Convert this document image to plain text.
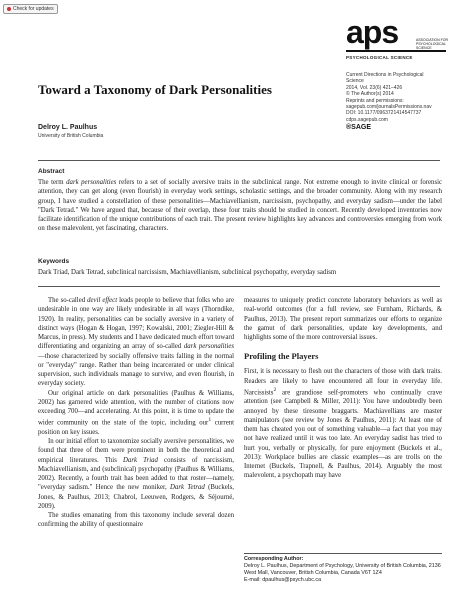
Check for updates
aps	ASSOCIATION FOR
PSYCHOLOGICAL SCIENCE
PSYCHOLOGICAL SCIENCE
Current Directions in Psychological
Science
2014, Vol. 23(6) 421–426
© The Author(s) 2014
Reprints and permissions:
sagepub.com/journalsPermissions.nav
DOI: 10.1177/0963721414547737
cdps.sagepub.com
®SAGE
Toward a Taxonomy of Dark Personalities
Delroy L. Paulhus
University of British Columbia
Abstract

The term dark personalities refers to a set of socially aversive traits in the subclinical range. Not extreme enough to invite clinical or forensic attention, they can get along (even flourish) in everyday work settings, scholastic settings, and the broader community. Along with my research group, I have studied a constellation of these personalities—Machiavellianism, narcissism, psychopathy, and everyday sadism—under the label "Dark Tetrad." We have argued that, because of their overlap, these four traits should be studied in concert. Recently developed inventories now facilitate identification of the unique contributions of each trait. The present review highlights key advances and controversies emerging from work on these malevolent, yet fascinating, characters.

Keywords
Dark Triad, Dark Tetrad, subclinical narcissism, Machiavellianism, subclinical psychopathy, everyday sadism

The so-called devil effect leads people to believe that folks who are undesirable in one way are likely undesirable in all ways (Thorndike, 1920). In reality, personalities can be socially aversive in a variety of distinct ways (Hogan & Hogan, 1997; Kowalski, 2001; Ziegler-Hill & Marcus, in press). My students and I have dedicated much effort toward differentiating and organizing an array of so-called dark personalities—those characterized by socially offensive traits falling in the normal or "everyday" range. Rather than being incarcerated or under clinical supervision, such individuals manage to survive, and even flourish, in everyday society.

Our original article on dark personalities (Paulhus & Williams, 2002) has garnered wide attention, with the number of citations now exceeding 700—and accelerating. At this point, it is time to update the wider community on the state of the topic, including our$^1$ current position on key issues.

In our initial effort to taxonomize socially aversive personalities, we found that three of them were prominent in both the theoretical and empirical literatures. This Dark Triad consists of narcissism, Machiavellianism, and (subclinical) psychopathy (Paulhus & Williams, 2002). Recently, a fourth trait has been added to that roster—namely, "everyday sadism." Hence the new moniker, Dark Tetrad (Buckels, Jones, & Paulhus, 2013; Chabrol, Leeuwen, Rodgers, & Séjourné, 2009).

The studies emanating from this taxonomy include several dozen confirming the ability of questionnaire

measures to uniquely predict concrete laboratory behaviors as well as real-world outcomes (for a full review, see Furnham, Richards, & Paulhus, 2013). The present report summarizes our efforts to organize the gamut of dark personalities, update key developments, and highlights some of the more controversial issues.

Profiling the Players

First, it is necessary to flesh out the characters of those with dark traits. Readers are likely to have encountered all four in everyday life. Narcissists$^2$ are grandiose self-promoters who continually crave attention (see Campbell & Miller, 2011): You have undoubtedly been annoyed by these tiresome braggarts. Machiavellians are master manipulators (see review by Jones & Paulhus, 2011): At least one of them has cheated you out of something valuable—a fact that you may not have realized until it was too late. An everyday sadist has tried to hurt you, verbally or physically, for pure enjoyment (Buckels et al., 2013): Workplace bullies are classic examples—as are trolls on the Internet (Buckels, Trapnell, & Paulhus, 2014). Arguably the most malevolent, a psychopath may have

Corresponding Author:
Delroy L. Paulhus, Department of Psychology, University of British Columbia, 2136 West Mall, Vancouver, British Columbia, Canada V6T 1Z4
E-mail: dpaulhus@psych.ubc.ca
